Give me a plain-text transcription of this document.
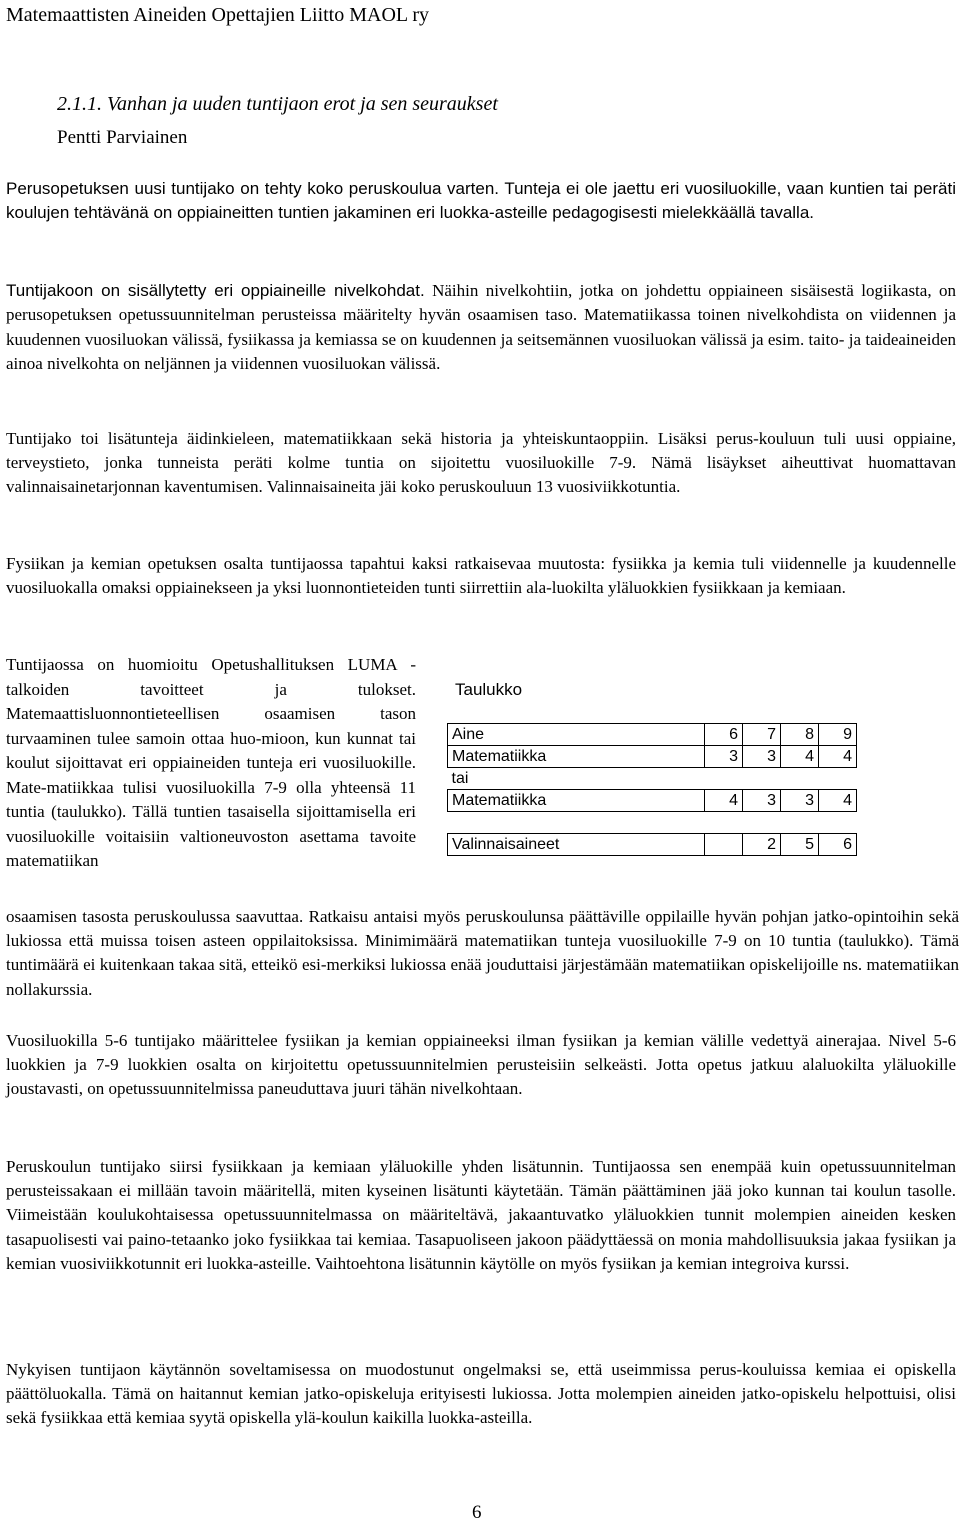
Matemaattisten Aineiden Opettajien Liitto MAOL ry
2.1.1. Vanhan ja uuden tuntijaon erot ja sen seuraukset
Pentti Parviainen
Perusopetuksen uusi tuntijako on tehty koko peruskoulua varten. Tunteja ei ole jaettu eri vuosiluokille, vaan kuntien tai peräti koulujen tehtävänä on oppiaineitten tuntien jakaminen eri luokka-asteille pedagogisesti mielekkäällä tavalla.
Tuntijakoon on sisällytetty eri oppiaineille nivelkohdat. Näihin nivelkohtiin, jotka on johdettu oppiaineen sisäisestä logiikasta, on perusopetuksen opetussuunnitelman perusteissa määritelty hyvän osaamisen taso. Matematiikassa toinen nivelkohdista on viidennen ja kuudennen vuosiluokan välissä, fysiikassa ja kemiassa se on kuudennen ja seitsemännen vuosiluokan välissä ja esim. taito- ja taideaineiden ainoa nivelkohta on neljännen ja viidennen vuosiluokan välissä.
Tuntijako toi lisätunteja äidinkieleen, matematiikkaan sekä historia ja yhteiskuntaoppiin. Lisäksi perus-kouluun tuli uusi oppiaine, terveystieto, jonka tunneista peräti kolme tuntia on sijoitettu vuosiluokille 7-9. Nämä lisäykset aiheuttivat huomattavan valinnaisainetarjonnan kaventumisen. Valinnaisaineita jäi koko peruskouluun 13 vuosiviikkotuntia.
Fysiikan ja kemian opetuksen osalta tuntijaossa tapahtui kaksi ratkaisevaa muutosta: fysiikka ja kemia tuli viidennelle ja kuudennelle vuosiluokalla omaksi oppiainekseen ja yksi luonnontieteiden tunti siirrettiin ala-luokilta yläluokkien fysiikkaan ja kemiaan.
Tuntijaossa on huomioitu Opetushallituksen LUMA -talkoiden tavoitteet ja tulokset. Matemaattisluonnontieteellisen osaamisen tason turvaaminen tulee samoin ottaa huo-mioon, kun kunnat tai koulut sijoittavat eri oppiaineiden tunteja eri vuosiluokille. Mate-matiikkaa tulisi vuosiluokilla 7-9 olla yhteensä 11 tuntia (taulukko). Tällä tuntien tasaisella sijoittamisella eri vuosiluokille voitaisiin valtioneuvoston asettama tavoite matematiikan
Taulukko
Aine	6	7	8	9
Matematiikka	3	3	4	4
tai				
Matematiikka	4	3	3	4

Valinnaisaineet		2	5	6
osaamisen tasosta peruskoulussa saavuttaa. Ratkaisu antaisi myös peruskoulunsa päättäville oppilaille hyvän pohjan jatko-opintoihin sekä lukiossa että muissa toisen asteen oppilaitoksissa. Minimimäärä matematiikan tunteja vuosiluokille 7-9 on 10 tuntia (taulukko). Tämä tuntimäärä ei kuitenkaan takaa sitä, etteikö esi-merkiksi lukiossa enää jouduttaisi järjestämään matematiikan opiskelijoille ns. matematiikan nollakurssia.
Vuosiluokilla 5-6 tuntijako määrittelee fysiikan ja kemian oppiaineeksi ilman fysiikan ja kemian välille vedettyä ainerajaa. Nivel 5-6 luokkien ja 7-9 luokkien osalta on kirjoitettu opetussuunnitelmien perusteisiin selkeästi. Jotta opetus jatkuu alaluokilta yläluokille joustavasti, on opetussuunnitelmissa paneuduttava juuri tähän nivelkohtaan.
Peruskoulun tuntijako siirsi fysiikkaan ja kemiaan yläluokille yhden lisätunnin. Tuntijaossa sen enempää kuin opetussuunnitelman perusteissakaan ei millään tavoin määritellä, miten kyseinen lisätunti käytetään. Tämän päättäminen jää joko kunnan tai koulun tasolle. Viimeistään koulukohtaisessa opetussuunnitelmassa on määriteltävä, jakaantuvatko yläluokkien tunnit molempien aineiden kesken tasapuolisesti vai paino-tetaanko joko fysiikkaa tai kemiaa. Tasapuoliseen jakoon päädyttäessä on monia mahdollisuuksia jakaa fysiikan ja kemian vuosiviikkotunnit eri luokka-asteille. Vaihtoehtona lisätunnin käytölle on myös fysiikan ja kemian integroiva kurssi.
Nykyisen tuntijaon käytännön soveltamisessa on muodostunut ongelmaksi se, että useimmissa perus-kouluissa kemiaa ei opiskella päättöluokalla. Tämä on haitannut kemian jatko-opiskeluja erityisesti lukiossa. Jotta molempien aineiden jatko-opiskelu helpottuisi, olisi sekä fysiikkaa että kemiaa syytä opiskella ylä-koulun kaikilla luokka-asteilla.
6
